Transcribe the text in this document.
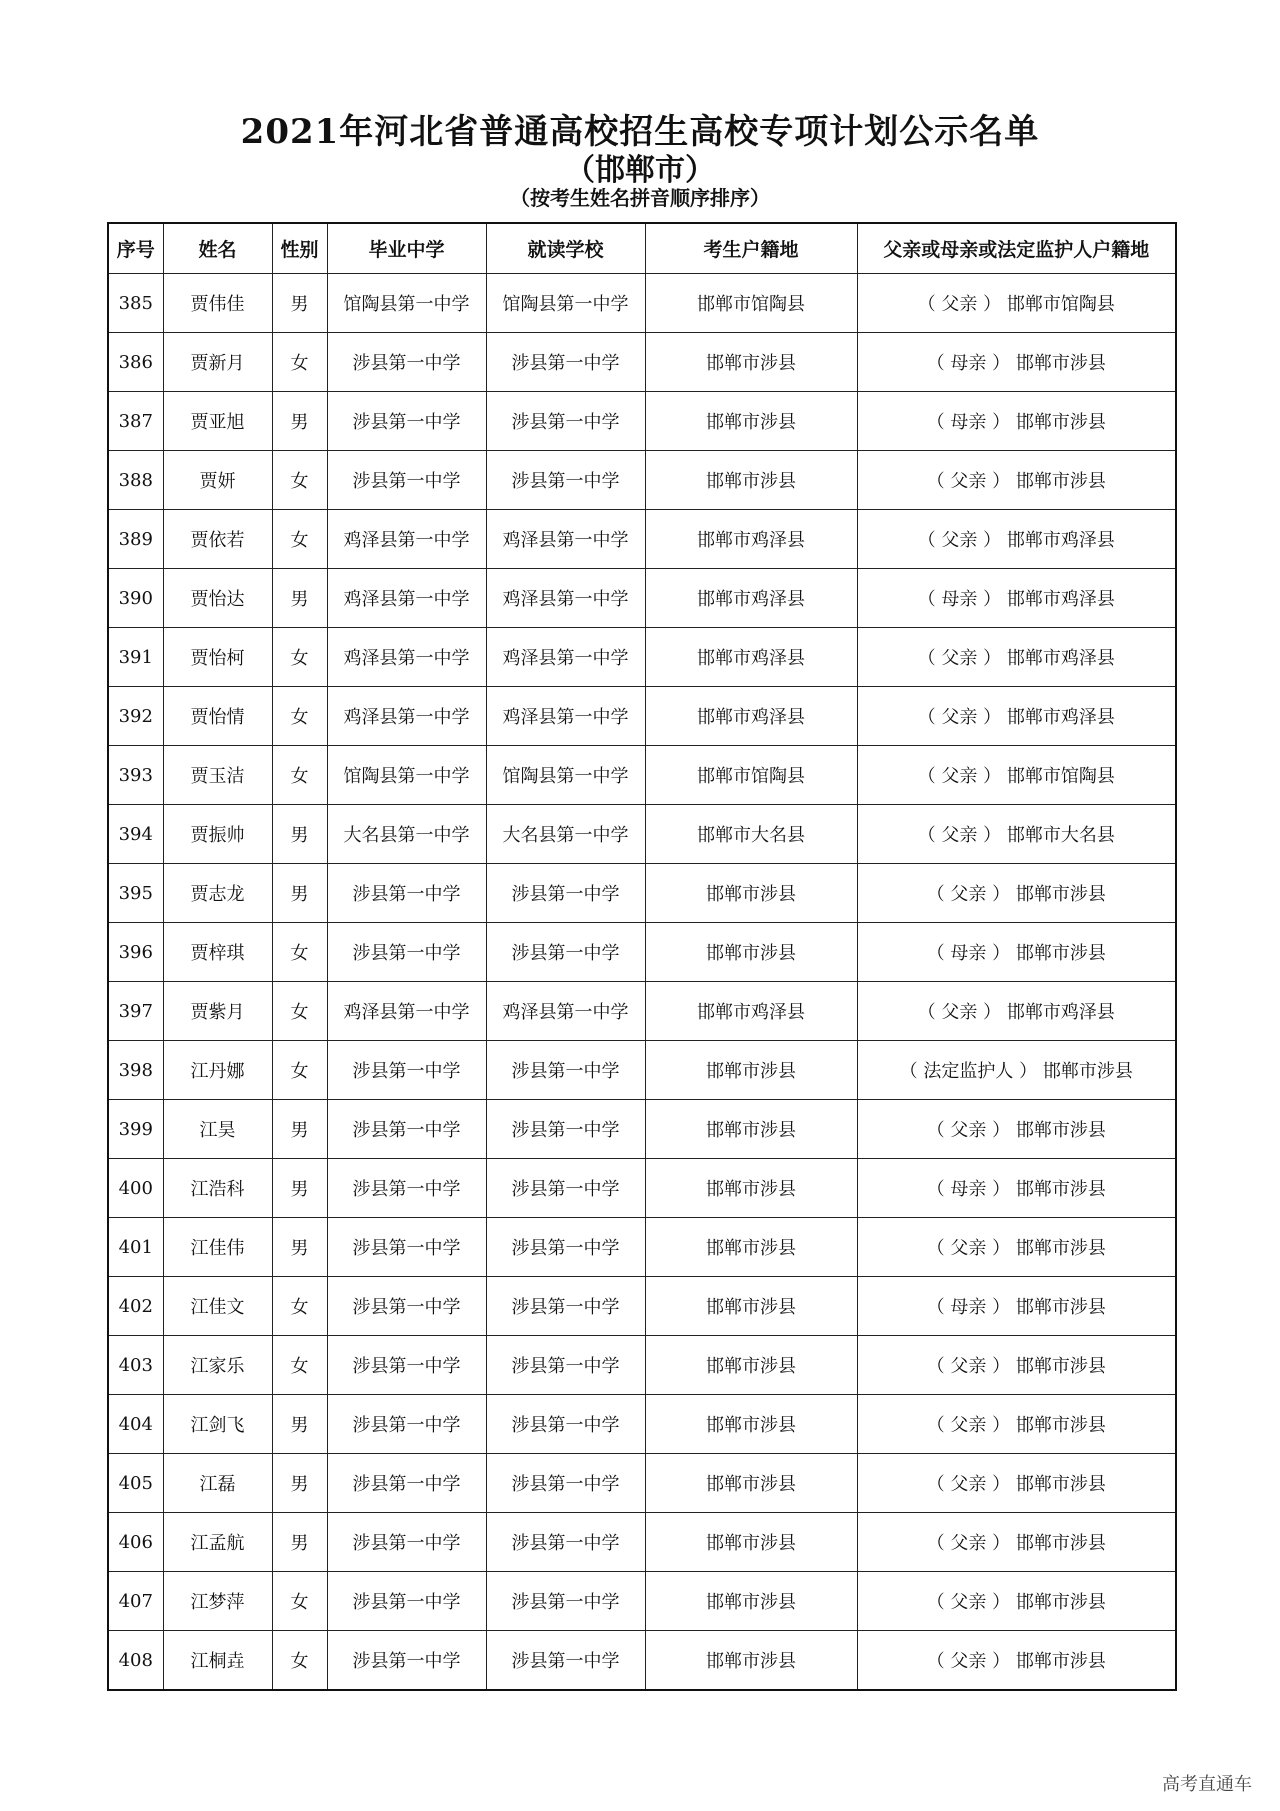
2021年河北省普通高校招生高校专项计划公示名单
（邯郸市）
（按考生姓名拼音顺序排序）
序号	姓名	性别	毕业中学	就读学校	考生户籍地	父亲或母亲或法定监护人户籍地
385	贾伟佳	男	馆陶县第一中学	馆陶县第一中学	邯郸市馆陶县	（ 父亲 ） 邯郸市馆陶县
386	贾新月	女	涉县第一中学	涉县第一中学	邯郸市涉县	（ 母亲 ） 邯郸市涉县
387	贾亚旭	男	涉县第一中学	涉县第一中学	邯郸市涉县	（ 母亲 ） 邯郸市涉县
388	贾妍	女	涉县第一中学	涉县第一中学	邯郸市涉县	（ 父亲 ） 邯郸市涉县
389	贾依若	女	鸡泽县第一中学	鸡泽县第一中学	邯郸市鸡泽县	（ 父亲 ） 邯郸市鸡泽县
390	贾怡达	男	鸡泽县第一中学	鸡泽县第一中学	邯郸市鸡泽县	（ 母亲 ） 邯郸市鸡泽县
391	贾怡柯	女	鸡泽县第一中学	鸡泽县第一中学	邯郸市鸡泽县	（ 父亲 ） 邯郸市鸡泽县
392	贾怡情	女	鸡泽县第一中学	鸡泽县第一中学	邯郸市鸡泽县	（ 父亲 ） 邯郸市鸡泽县
393	贾玉洁	女	馆陶县第一中学	馆陶县第一中学	邯郸市馆陶县	（ 父亲 ） 邯郸市馆陶县
394	贾振帅	男	大名县第一中学	大名县第一中学	邯郸市大名县	（ 父亲 ） 邯郸市大名县
395	贾志龙	男	涉县第一中学	涉县第一中学	邯郸市涉县	（ 父亲 ） 邯郸市涉县
396	贾梓琪	女	涉县第一中学	涉县第一中学	邯郸市涉县	（ 母亲 ） 邯郸市涉县
397	贾紫月	女	鸡泽县第一中学	鸡泽县第一中学	邯郸市鸡泽县	（ 父亲 ） 邯郸市鸡泽县
398	江丹娜	女	涉县第一中学	涉县第一中学	邯郸市涉县	（ 法定监护人 ） 邯郸市涉县
399	江昊	男	涉县第一中学	涉县第一中学	邯郸市涉县	（ 父亲 ） 邯郸市涉县
400	江浩科	男	涉县第一中学	涉县第一中学	邯郸市涉县	（ 母亲 ） 邯郸市涉县
401	江佳伟	男	涉县第一中学	涉县第一中学	邯郸市涉县	（ 父亲 ） 邯郸市涉县
402	江佳文	女	涉县第一中学	涉县第一中学	邯郸市涉县	（ 母亲 ） 邯郸市涉县
403	江家乐	女	涉县第一中学	涉县第一中学	邯郸市涉县	（ 父亲 ） 邯郸市涉县
404	江剑飞	男	涉县第一中学	涉县第一中学	邯郸市涉县	（ 父亲 ） 邯郸市涉县
405	江磊	男	涉县第一中学	涉县第一中学	邯郸市涉县	（ 父亲 ） 邯郸市涉县
406	江孟航	男	涉县第一中学	涉县第一中学	邯郸市涉县	（ 父亲 ） 邯郸市涉县
407	江梦萍	女	涉县第一中学	涉县第一中学	邯郸市涉县	（ 父亲 ） 邯郸市涉县
408	江桐垚	女	涉县第一中学	涉县第一中学	邯郸市涉县	（ 父亲 ） 邯郸市涉县
高考直通车
